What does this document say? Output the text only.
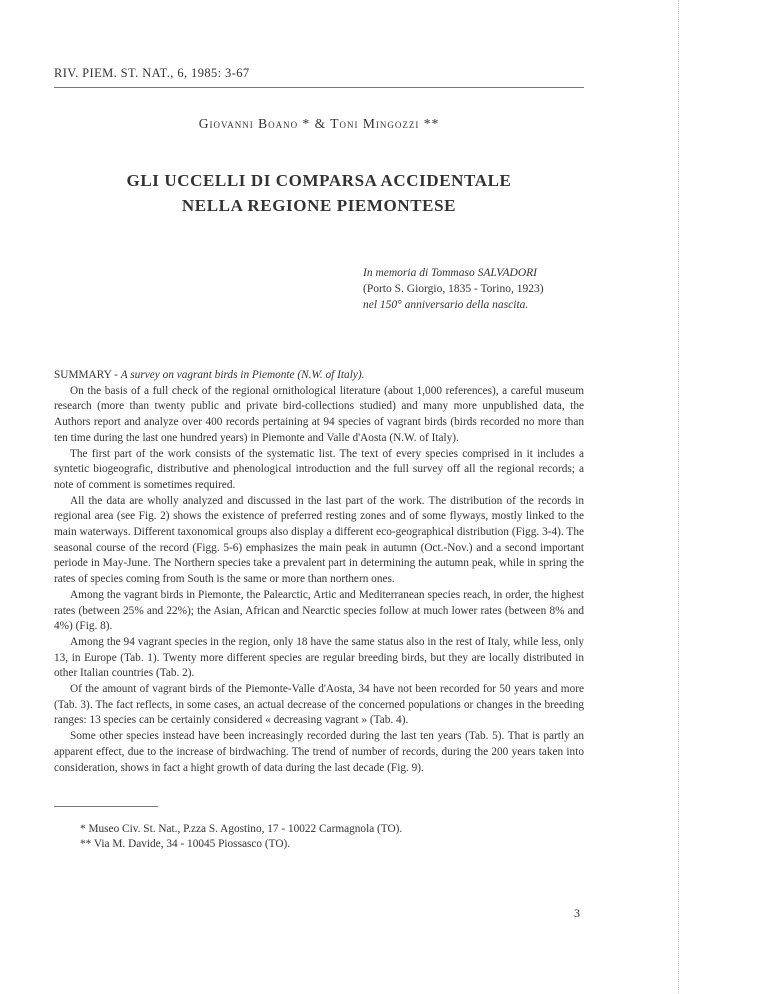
RIV. PIEM. ST. NAT., 6, 1985: 3-67
Giovanni Boano * & Toni Mingozzi **
GLI UCCELLI DI COMPARSA ACCIDENTALE
NELLA REGIONE PIEMONTESE
In memoria di Tommaso SALVADORI
(Porto S. Giorgio, 1835 - Torino, 1923)
nel 150° anniversario della nascita.

SUMMARY - A survey on vagrant birds in Piemonte (N.W. of Italy).

On the basis of a full check of the regional ornithological literature (about 1,000 references), a careful museum research (more than twenty public and private bird-collections studied) and many more unpublished data, the Authors report and analyze over 400 records pertaining at 94 species of vagrant birds (birds recorded no more than ten time during the last one hundred years) in Piemonte and Valle d'Aosta (N.W. of Italy).

The first part of the work consists of the systematic list. The text of every species comprised in it includes a syntetic biogeografic, distributive and phenological introduction and the full survey off all the regional records; a note of comment is sometimes required.

All the data are wholly analyzed and discussed in the last part of the work. The distribution of the records in regional area (see Fig. 2) shows the existence of preferred resting zones and of some flyways, mostly linked to the main waterways. Different taxonomical groups also display a different eco-geographical distribution (Figg. 3-4). The seasonal course of the record (Figg. 5-6) emphasizes the main peak in autumn (Oct.-Nov.) and a second important periode in May-June. The Northern species take a prevalent part in determining the autumn peak, while in spring the rates of species coming from South is the same or more than northern ones.

Among the vagrant birds in Piemonte, the Palearctic, Artic and Mediterranean species reach, in order, the highest rates (between 25% and 22%); the Asian, African and Nearctic species follow at much lower rates (between 8% and 4%) (Fig. 8).

Among the 94 vagrant species in the region, only 18 have the same status also in the rest of Italy, while less, only 13, in Europe (Tab. 1). Twenty more different species are regular breeding birds, but they are locally distributed in other Italian countries (Tab. 2).

Of the amount of vagrant birds of the Piemonte-Valle d'Aosta, 34 have not been recorded for 50 years and more (Tab. 3). The fact reflects, in some cases, an actual decrease of the concerned populations or changes in the breeding ranges: 13 species can be certainly considered « decreasing vagrant » (Tab. 4).

Some other species instead have been increasingly recorded during the last ten years (Tab. 5). That is partly an apparent effect, due to the increase of birdwaching. The trend of number of records, during the 200 years taken into consideration, shows in fact a hight growth of data during the last decade (Fig. 9).

* Museo Civ. St. Nat., P.zza S. Agostino, 17 - 10022 Carmagnola (TO).
** Via M. Davide, 34 - 10045 Piossasco (TO).
3
